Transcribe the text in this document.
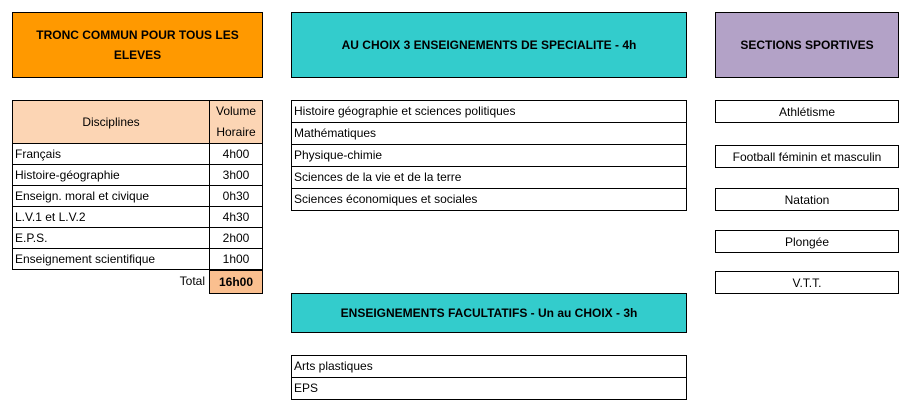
TRONC COMMUN POUR TOUS LES ELEVES
Disciplines
Volume
Horaire
Français	4h00
Histoire-géographie	3h00
Enseign. moral et civique	0h30
L.V.1 et L.V.2	4h30
E.P.S.	2h00
Enseignement scientifique	1h00
Total	16h00
AU CHOIX 3 ENSEIGNEMENTS DE SPECIALITE - 4h
Histoire géographie et sciences politiques
Mathématiques
Physique-chimie
Sciences de la vie et de la terre
Sciences économiques et sociales
ENSEIGNEMENTS FACULTATIFS - Un au CHOIX - 3h
Arts plastiques
EPS
SECTIONS SPORTIVES
Athlétisme
Football féminin et masculin
Natation
Plongée
V.T.T.
